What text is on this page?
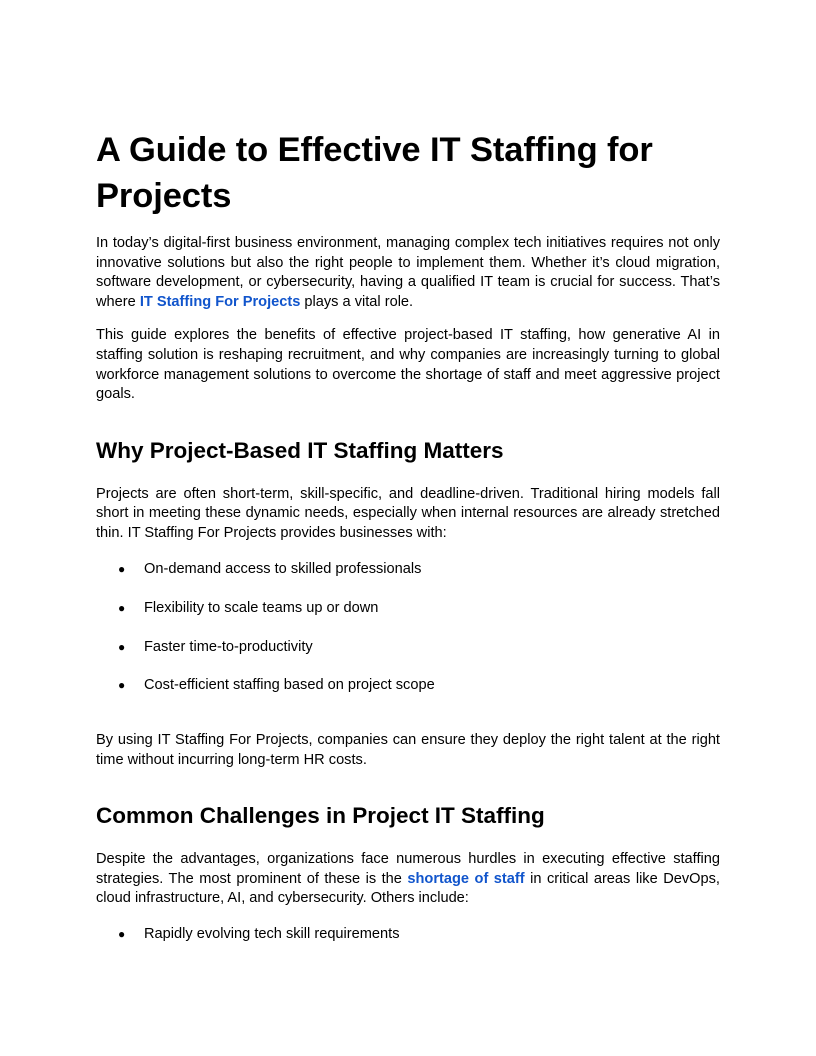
A Guide to Effective IT Staffing for Projects

In today’s digital-first business environment, managing complex tech initiatives requires not only innovative solutions but also the right people to implement them. Whether it’s cloud migration, software development, or cybersecurity, having a qualified IT team is crucial for success. That’s where IT Staffing For Projects plays a vital role.

This guide explores the benefits of effective project-based IT staffing, how generative AI in staffing solution is reshaping recruitment, and why companies are increasingly turning to global workforce management solutions to overcome the shortage of staff and meet aggressive project goals.

Why Project-Based IT Staffing Matters

Projects are often short-term, skill-specific, and deadline-driven. Traditional hiring models fall short in meeting these dynamic needs, especially when internal resources are already stretched thin. IT Staffing For Projects provides businesses with:

● On-demand access to skilled professionals
● Flexibility to scale teams up or down
● Faster time-to-productivity
● Cost-efficient staffing based on project scope

By using IT Staffing For Projects, companies can ensure they deploy the right talent at the right time without incurring long-term HR costs.

Common Challenges in Project IT Staffing

Despite the advantages, organizations face numerous hurdles in executing effective staffing strategies. The most prominent of these is the shortage of staff in critical areas like DevOps, cloud infrastructure, AI, and cybersecurity. Others include:

● Rapidly evolving tech skill requirements
